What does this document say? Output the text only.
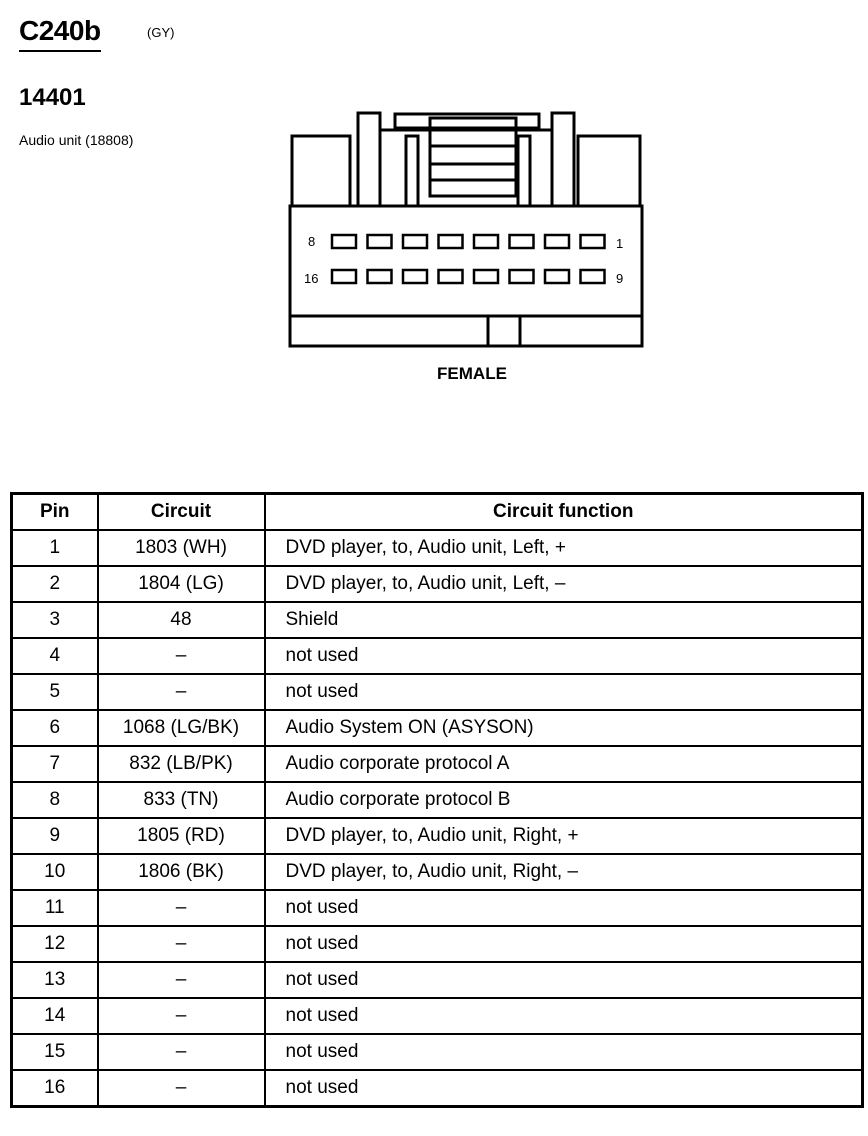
C240b	(GY)
14401
Audio unit (18808)
8	1
16	9
FEMALE
Pin	Circuit	Circuit function
1	1803 (WH)	DVD player, to, Audio unit, Left, +
2	1804 (LG)	DVD player, to, Audio unit, Left, –
3	48	Shield
4	–	not used
5	–	not used
6	1068 (LG/BK)	Audio System ON (ASYSON)
7	832 (LB/PK)	Audio corporate protocol A
8	833 (TN)	Audio corporate protocol B
9	1805 (RD)	DVD player, to, Audio unit, Right, +
10	1806 (BK)	DVD player, to, Audio unit, Right, –
11	–	not used
12	–	not used
13	–	not used
14	–	not used
15	–	not used
16	–	not used
